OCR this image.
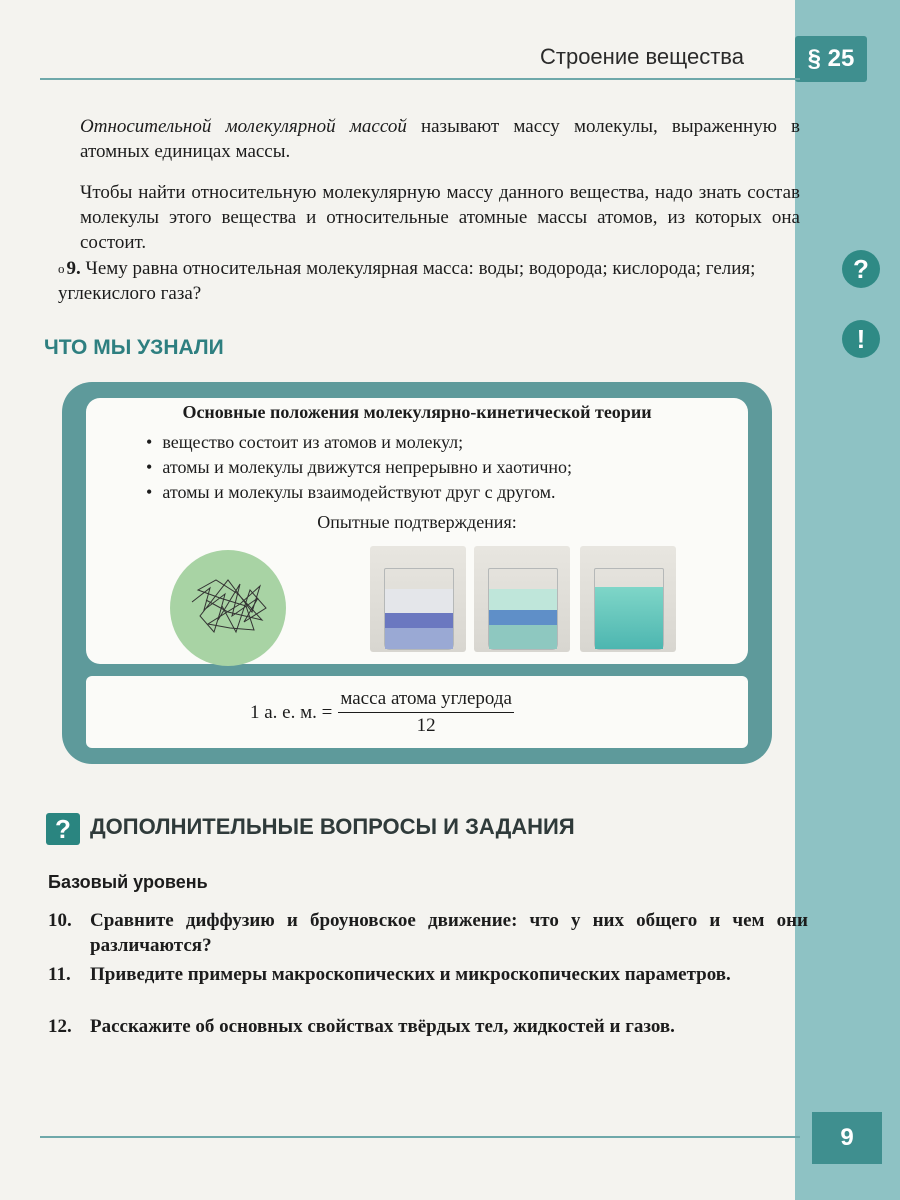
Строение вещества	§ 25
?
!
Относительной молекулярной массой называют массу молекулы, выраженную в атомных единицах массы.
Чтобы найти относительную молекулярную массу данного вещества, надо знать состав молекулы этого вещества и относительные атомные массы атомов, из которых она состоит.
$^o$ 9. Чему равна относительная молекулярная масса: воды; водорода; кислорода; гелия; углекислого газа?
ЧТО МЫ УЗНАЛИ
Основные положения молекулярно-кинетической теории
• вещество состоит из атомов и молекул;
• атомы и молекулы движутся непрерывно и хаотично;
• атомы и молекулы взаимодействуют друг с другом.
Опытные подтверждения:
1 а. е. м. = $\frac{\text{масса атома углерода}}{12}$
? ДОПОЛНИТЕЛЬНЫЕ ВОПРОСЫ И ЗАДАНИЯ
Базовый уровень
10. Сравните диффузию и броуновское движение: что у них общего и чем они различаются?
11.	Приведите примеры макроскопических и микроскопических параметров.
12. Расскажите об основных свойствах твёрдых тел, жидкостей и газов.
9
